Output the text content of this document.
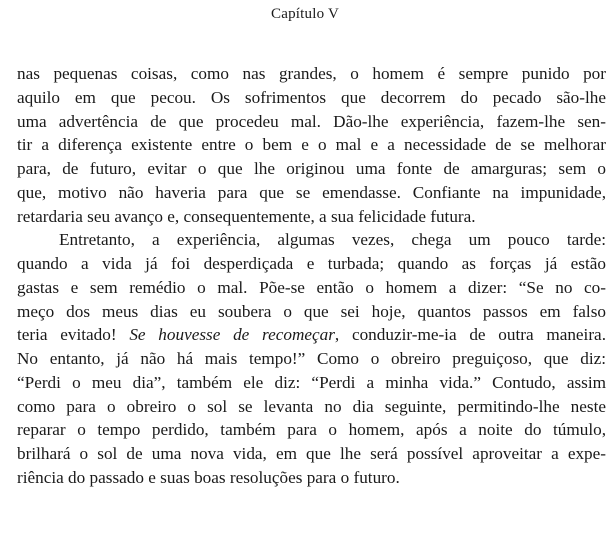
Capítulo V
nas pequenas coisas, como nas grandes, o homem é sempre punido por
aquilo em que pecou. Os sofrimentos que decorrem do pecado são-lhe
uma advertência de que procedeu mal. Dão-lhe experiência, fazem-lhe sen-
tir a diferença existente entre o bem e o mal e a necessidade de se melhorar
para, de futuro, evitar o que lhe originou uma fonte de amarguras; sem o
que, motivo não haveria para que se emendasse. Confiante na impunidade,
retardaria seu avanço e, consequentemente, a sua felicidade futura.
Entretanto, a experiência, algumas vezes, chega um pouco tarde:
quando a vida já foi desperdiçada e turbada; quando as forças já estão
gastas e sem remédio o mal. Põe-se então o homem a dizer: “Se no co-
meço dos meus dias eu soubera o que sei hoje, quantos passos em falso
teria evitado! Se houvesse de recomeçar, conduzir-me-ia de outra maneira.
No entanto, já não há mais tempo!” Como o obreiro preguiçoso, que diz:
“Perdi o meu dia”, também ele diz: “Perdi a minha vida.” Contudo, assim
como para o obreiro o sol se levanta no dia seguinte, permitindo-lhe neste
reparar o tempo perdido, também para o homem, após a noite do túmulo,
brilhará o sol de uma nova vida, em que lhe será possível aproveitar a expe-
riência do passado e suas boas resoluções para o futuro.
